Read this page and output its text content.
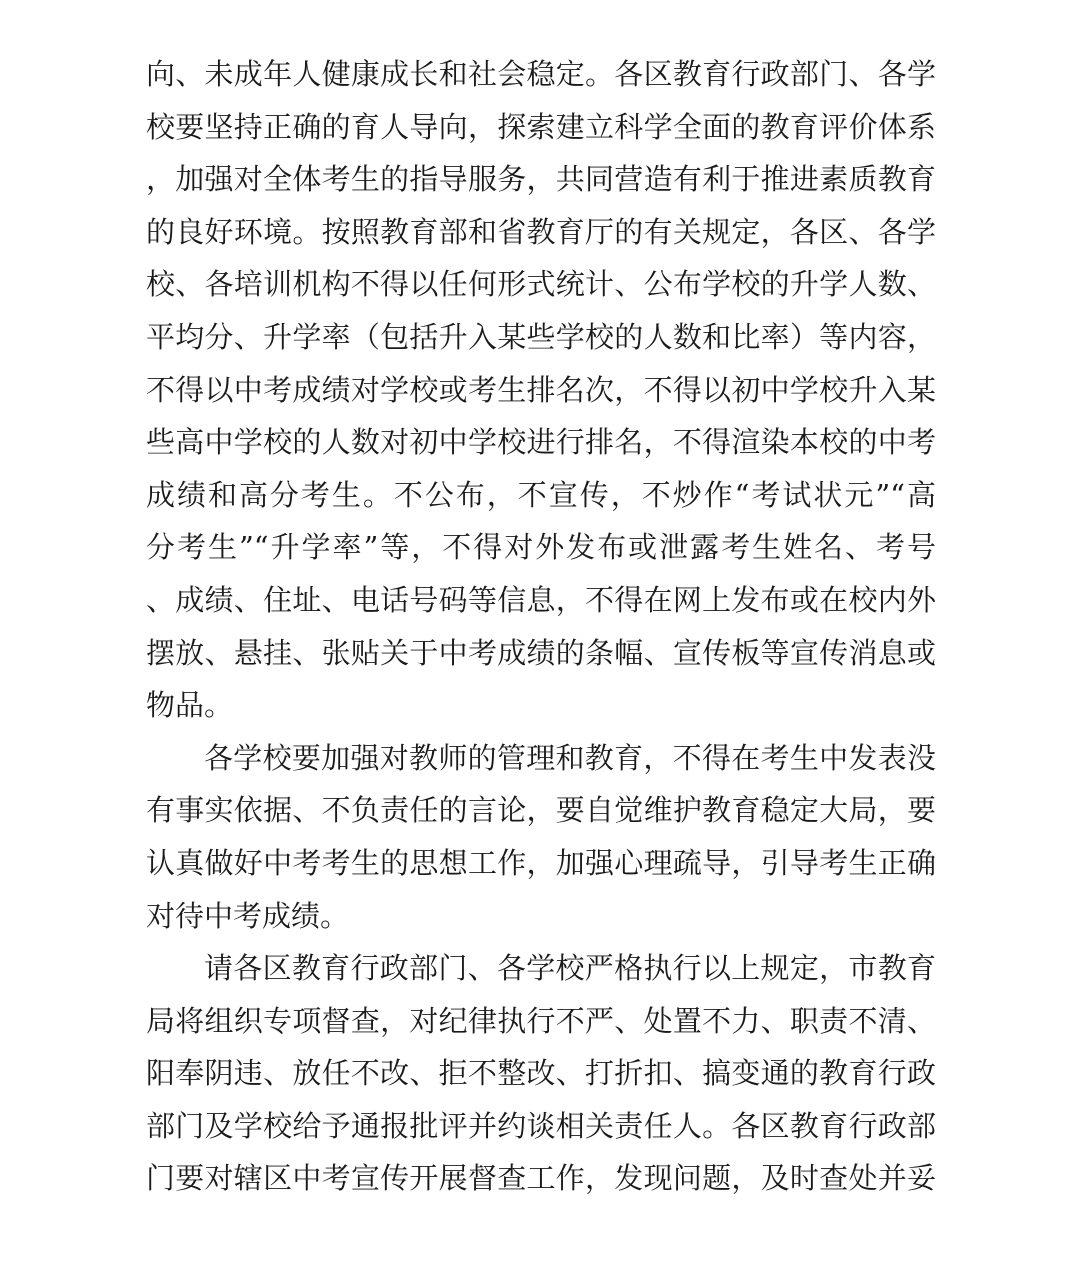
向、未成年人健康成长和社会稳定。各区教育行政部门、各学
校要坚持正确的育人导向，探索建立科学全面的教育评价体系
，加强对全体考生的指导服务，共同营造有利于推进素质教育
的良好环境。按照教育部和省教育厅的有关规定，各区、各学
校、各培训机构不得以任何形式统计、公布学校的升学人数、
平均分、升学率（包括升入某些学校的人数和比率）等内容，
不得以中考成绩对学校或考生排名次，不得以初中学校升入某
些高中学校的人数对初中学校进行排名，不得渲染本校的中考
成绩和高分考生。不公布，不宣传，不炒作“考试状元”“高
分考生”“升学率”等，不得对外发布或泄露考生姓名、考号
、成绩、住址、电话号码等信息，不得在网上发布或在校内外
摆放、悬挂、张贴关于中考成绩的条幅、宣传板等宣传消息或
物品。
各学校要加强对教师的管理和教育，不得在考生中发表没
有事实依据、不负责任的言论，要自觉维护教育稳定大局，要
认真做好中考考生的思想工作，加强心理疏导，引导考生正确
对待中考成绩。
请各区教育行政部门、各学校严格执行以上规定，市教育
局将组织专项督查，对纪律执行不严、处置不力、职责不清、
阳奉阴违、放任不改、拒不整改、打折扣、搞变通的教育行政
部门及学校给予通报批评并约谈相关责任人。各区教育行政部
门要对辖区中考宣传开展督查工作，发现问题，及时查处并妥
